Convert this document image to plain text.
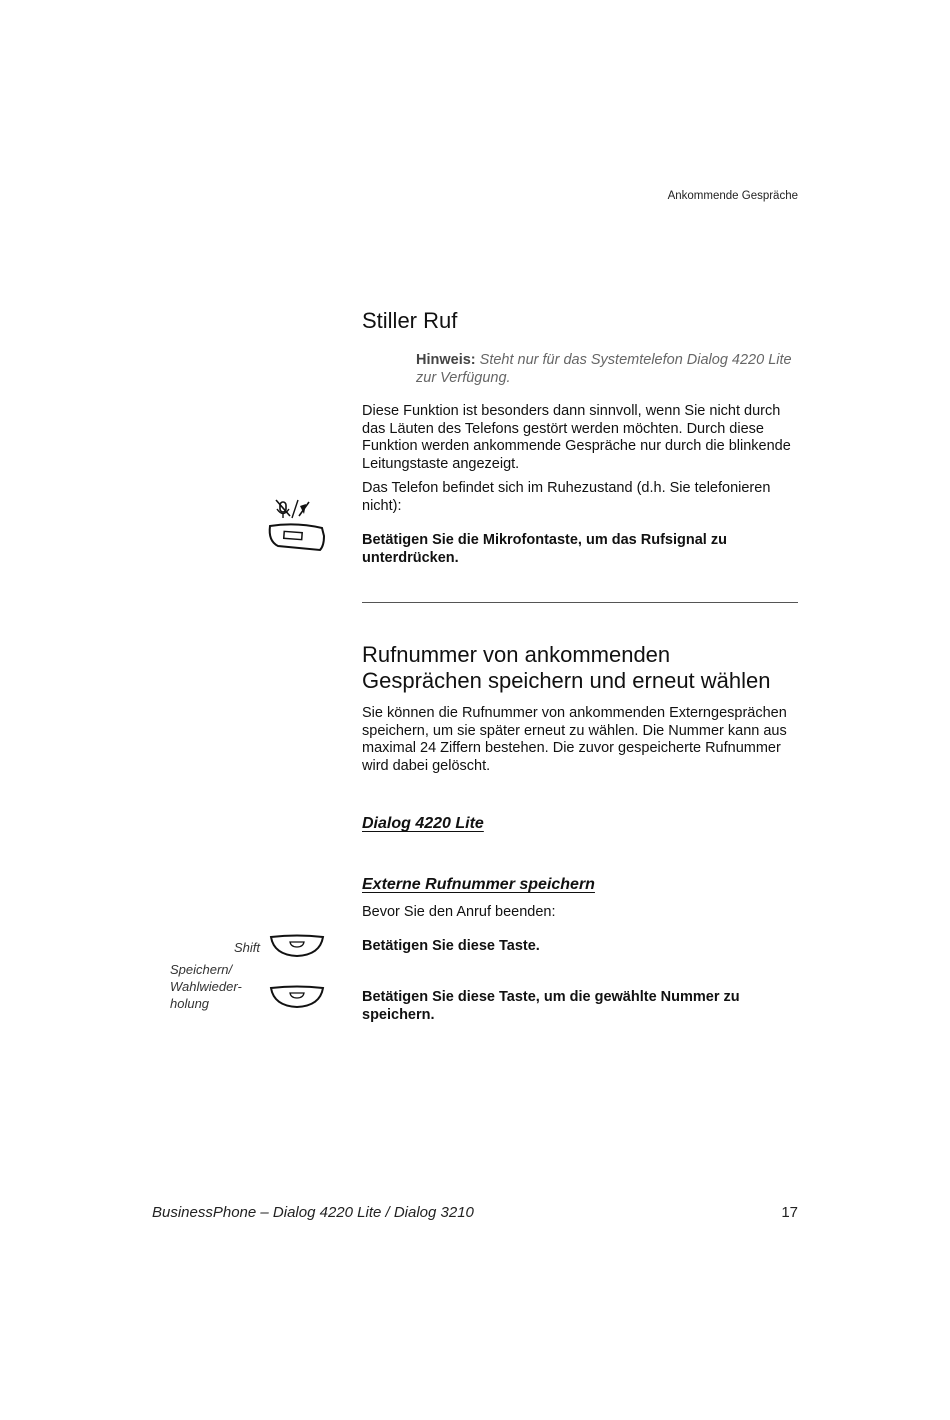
Ankommende Gespräche
Stiller Ruf
Hinweis: Steht nur für das Systemtelefon Dialog 4220 Lite zur Verfügung.
Diese Funktion ist besonders dann sinnvoll, wenn Sie nicht durch das Läuten des Telefons gestört werden möchten. Durch diese Funktion werden ankommende Gespräche nur durch die blinkende Leitungstaste angezeigt.
Das Telefon befindet sich im Ruhezustand (d.h. Sie telefonieren nicht):
Betätigen Sie die Mikrofontaste, um das Rufsignal zu unterdrücken.
Rufnummer von ankommenden
Gesprächen speichern und erneut wählen
Sie können die Rufnummer von ankommenden Externgesprächen speichern, um sie später erneut zu wählen. Die Nummer kann aus maximal 24 Ziffern bestehen. Die zuvor gespeicherte Rufnummer wird dabei gelöscht.
Dialog 4220 Lite
Externe Rufnummer speichern
Bevor Sie den Anruf beenden:
Shift	Betätigen Sie diese Taste.
Speichern/
Wahlwieder-
holung	Betätigen Sie diese Taste, um die gewählte Nummer zu speichern.
BusinessPhone – Dialog 4220 Lite / Dialog 3210	17
